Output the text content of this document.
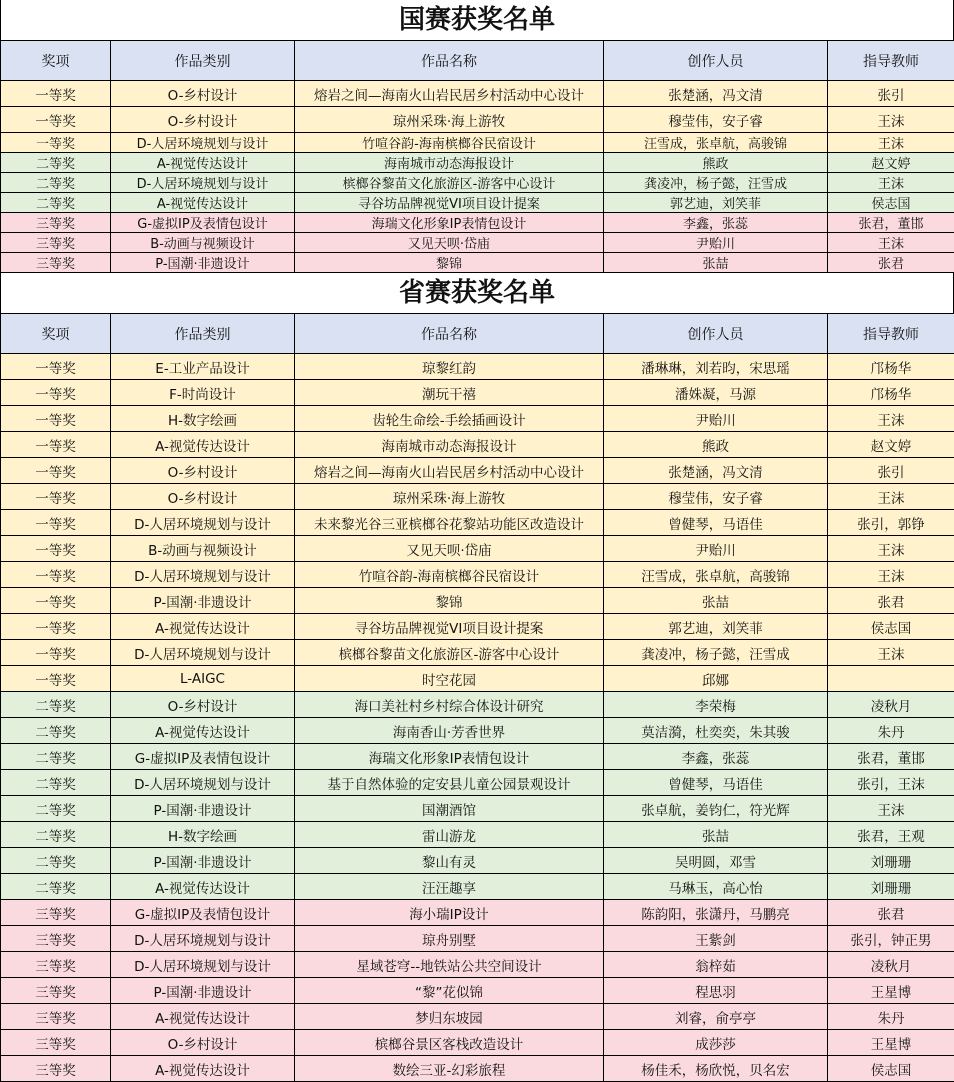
国赛获奖名单
奖项	作品类别	作品名称	创作人员	指导教师
一等奖	O-乡村设计	熔岩之间—海南火山岩民居乡村活动中心设计	张楚涵，冯文清	张引
一等奖	O-乡村设计	琼州采珠·海上游牧	穆莹伟，安子睿	王沫
一等奖	D-人居环境规划与设计	竹喧谷韵-海南槟榔谷民宿设计	汪雪成，张卓航，高骏锦	王沫
二等奖	A-视觉传达设计	海南城市动态海报设计	熊政	赵文婷
二等奖	D-人居环境规划与设计	槟榔谷黎苗文化旅游区-游客中心设计	龚凌冲，杨子懿，汪雪成	王沫
二等奖	A-视觉传达设计	寻谷坊品牌视觉VI项目设计提案	郭艺迪，刘笑菲	侯志国
三等奖	G-虚拟IP及表情包设计	海瑞文化形象IP表情包设计	李鑫，张蕊	张君，董邯
三等奖	B-动画与视频设计	又见天呗·岱庙	尹贻川	王沫
三等奖	P-国潮·非遗设计	黎锦	张喆	张君
省赛获奖名单
奖项	作品类别	作品名称	创作人员	指导教师
一等奖	E-工业产品设计	琼黎红韵	潘琳琳，刘若昀，宋思瑶	邝杨华
一等奖	F-时尚设计	潮玩干禧	潘姝凝，马源	邝杨华
一等奖	H-数字绘画	齿轮生命绘-手绘插画设计	尹贻川	王沫
一等奖	A-视觉传达设计	海南城市动态海报设计	熊政	赵文婷
一等奖	O-乡村设计	熔岩之间—海南火山岩民居乡村活动中心设计	张楚涵，冯文清	张引
一等奖	O-乡村设计	琼州采珠·海上游牧	穆莹伟，安子睿	王沫
一等奖	D-人居环境规划与设计	未来黎光谷三亚槟榔谷花黎站功能区改造设计	曾健琴，马语佳	张引，郭铮
一等奖	B-动画与视频设计	又见天呗·岱庙	尹贻川	王沫
一等奖	D-人居环境规划与设计	竹喧谷韵-海南槟榔谷民宿设计	汪雪成，张卓航，高骏锦	王沫
一等奖	P-国潮·非遗设计	黎锦	张喆	张君
一等奖	A-视觉传达设计	寻谷坊品牌视觉VI项目设计提案	郭艺迪，刘笑菲	侯志国
一等奖	D-人居环境规划与设计	槟榔谷黎苗文化旅游区-游客中心设计	龚凌冲，杨子懿，汪雪成	王沫
一等奖	L-AIGC	时空花园	邱娜	
二等奖	O-乡村设计	海口美社村乡村综合体设计研究	李荣梅	凌秋月
二等奖	A-视觉传达设计	海南香山·芳香世界	莫洁漪，杜奕奕，朱其骏	朱丹
二等奖	G-虚拟IP及表情包设计	海瑞文化形象IP表情包设计	李鑫，张蕊	张君，董邯
二等奖	D-人居环境规划与设计	基于自然体验的定安县儿童公园景观设计	曾健琴，马语佳	张引，王沫
二等奖	P-国潮·非遗设计	国潮酒馆	张卓航，姜钧仁，符光辉	王沫
二等奖	H-数字绘画	雷山游龙	张喆	张君，王观
二等奖	P-国潮·非遗设计	黎山有灵	吴明圆，邓雪	刘珊珊
二等奖	A-视觉传达设计	汪汪趣享	马琳玉，高心怡	刘珊珊
三等奖	G-虚拟IP及表情包设计	海小瑞IP设计	陈韵阳，张潇丹，马鹏亮	张君
三等奖	D-人居环境规划与设计	琼舟别墅	王紫剑	张引，钟正男
三等奖	D-人居环境规划与设计	星域苍穹--地铁站公共空间设计	翁梓茹	凌秋月
三等奖	P-国潮·非遗设计	“黎”花似锦	程思羽	王星博
三等奖	A-视觉传达设计	梦归东坡园	刘睿，俞亭亭	朱丹
三等奖	O-乡村设计	槟榔谷景区客栈改造设计	成莎莎	王星博
三等奖	A-视觉传达设计	数绘三亚-幻彩旅程	杨佳禾，杨欣悦，贝名宏	侯志国
